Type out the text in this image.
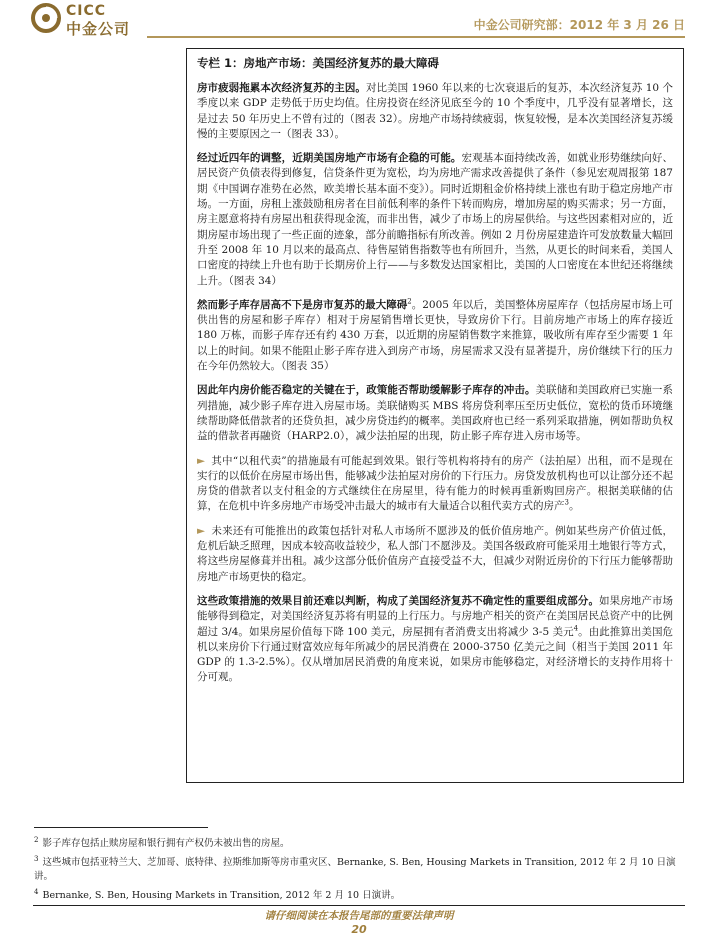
CICC
中金公司	中金公司研究部：2012 年 3 月 26 日

专栏 1：房地产市场：美国经济复苏的最大障碍

房市疲弱拖累本次经济复苏的主因。对比美国 1960 年以来的七次衰退后的复苏，本次经济复苏 10 个季度以来 GDP 走势低于历史均值。住房投资在经济见底至今的 10 个季度中，几乎没有显著增长，这是过去 50 年历史上不曾有过的（图表 32）。房地产市场持续疲弱，恢复较慢，是本次美国经济复苏缓慢的主要原因之一（图表 33）。

经过近四年的调整，近期美国房地产市场有企稳的可能。宏观基本面持续改善，如就业形势继续向好、居民资产负债表得到修复，信贷条件更为宽松，均为房地产需求改善提供了条件（参见宏观周报第 187 期《中国调存准势在必然，欧美增长基本面不变》）。同时近期租金价格持续上涨也有助于稳定房地产市场。一方面，房租上涨鼓励租房者在目前低利率的条件下转而购房，增加房屋的购买需求；另一方面，房主愿意将持有房屋出租获得现金流，而非出售，减少了市场上的房屋供给。与这些因素相对应的，近期房屋市场出现了一些正面的迹象，部分前瞻指标有所改善。例如 2 月份房屋建造许可发放数量大幅回升至 2008 年 10 月以来的最高点、待售屋销售指数等也有所回升，当然，从更长的时间来看，美国人口密度的持续上升也有助于长期房价上行——与多数发达国家相比，美国的人口密度在本世纪还将继续上升。（图表 34）

然而影子库存居高不下是房市复苏的最大障碍$^2$。2005 年以后，美国整体房屋库存（包括房屋市场上可供出售的房屋和影子库存）相对于房屋销售增长更快，导致房价下行。目前房地产市场上的库存接近 180 万栋，而影子库存还有约 430 万套，以近期的房屋销售数字来推算，吸收所有库存至少需要 1 年以上的时间。如果不能阻止影子库存进入到房产市场，房屋需求又没有显著提升，房价继续下行的压力在今年仍然较大。（图表 35）

因此年内房价能否稳定的关键在于，政策能否帮助缓解影子库存的冲击。美联储和美国政府已实施一系列措施，减少影子库存进入房屋市场。美联储购买 MBS 将房贷利率压至历史低位，宽松的货币环境继续帮助降低借款者的还贷负担，减少房贷违约的概率。美国政府也已经一系列采取措施，例如帮助负权益的借款者再融资（HARP2.0），减少法拍屋的出现，防止影子库存进入房市场等。

► 其中“以租代卖”的措施最有可能起到效果。银行等机构将持有的房产（法拍屋）出租，而不是现在实行的以低价在房屋市场出售，能够减少法拍屋对房价的下行压力。房贷发放机构也可以让部分还不起房贷的借款者以支付租金的方式继续住在房屋里，待有能力的时候再重新购回房产。根据美联储的估算，在危机中许多房地产市场受冲击最大的城市有大量适合以租代卖方式的房产$^3$。

► 未来还有可能推出的政策包括针对私人市场所不愿涉及的低价值房地产。例如某些房产价值过低，危机后缺乏照理，因成本较高收益较少，私人部门不愿涉及。美国各级政府可能采用土地银行等方式，将这些房屋修葺并出租。减少这部分低价值房产直接受益不大，但减少对附近房价的下行压力能够帮助房地产市场更快的稳定。

这些政策措施的效果目前还难以判断，构成了美国经济复苏不确定性的重要组成部分。如果房地产市场能够得到稳定，对美国经济复苏将有明显的上行压力。与房地产相关的资产在美国居民总资产中的比例超过 3/4。如果房屋价值每下降 100 美元，房屋拥有者消费支出将减少 3-5 美元$^4$。由此推算出美国危机以来房价下行通过财富效应每年所减少的居民消费在 2000-3750 亿美元之间（相当于美国 2011 年 GDP 的 1.3-2.5%）。仅从增加居民消费的角度来说，如果房市能够稳定，对经济增长的支持作用将十分可观。

$^2$ 影子库存包括止赎房屋和银行拥有产权仍未被出售的房屋。

$^3$ 这些城市包括亚特兰大、芝加哥、底特律、拉斯维加斯等房市重灾区、Bernanke, S. Ben, Housing Markets in Transition, 2012 年 2 月 10 日演讲。

$^4$ Bernanke, S. Ben, Housing Markets in Transition, 2012 年 2 月 10 日演讲。

请仔细阅读在本报告尾部的重要法律声明
20
